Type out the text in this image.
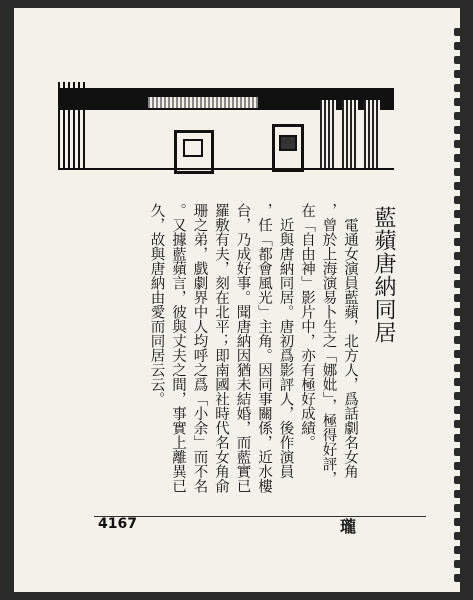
藍蘋唐納同居

　電通女演員藍蘋，北方人，爲話劇名女角

，曾於上海演易卜生之「娜妣」，極得好評，

在「自由神」影片中，亦有極好成績。

　近與唐納同居。唐初爲影評人，後作演員

，任「都會風光」主角。因同事關係，近水樓

台，乃成好事。聞唐納因猶未結婚，而藍實已

羅敷有夫，刻在北平；即南國社時代名女角俞

珊之弟，戲劇界中人均呼之爲「小余」而不名

。又據藍蘋言，彼與丈夫之間，事實上離異已

久，故與唐納由愛而同居云云。

4167	瓏
